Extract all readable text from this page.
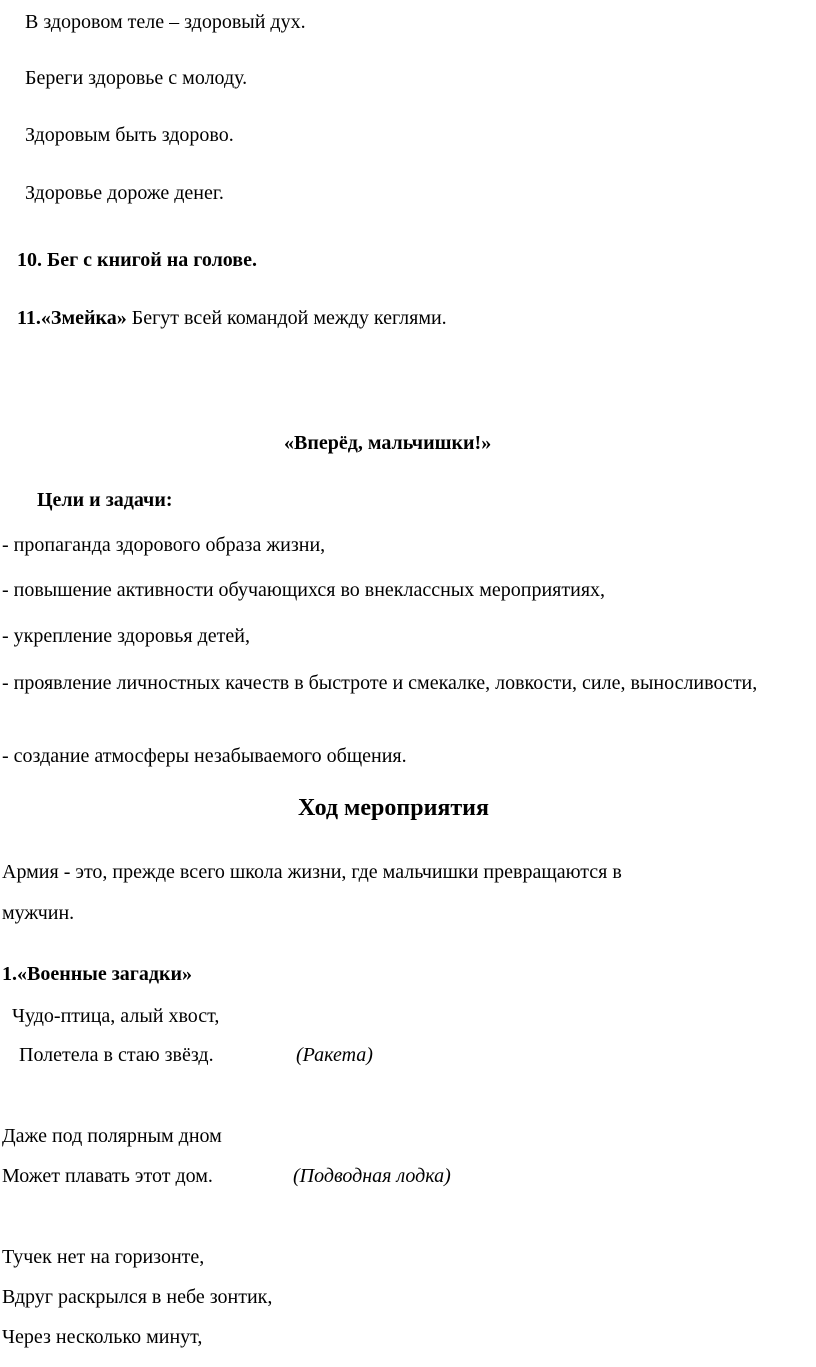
В здоровом теле – здоровый дух.
Береги здоровье с молоду.
Здоровым быть здорово.
Здоровье дороже денег.
10. Бег с книгой на голове.
11.«Змейка» Бегут всей командой между кеглями.
«Вперёд, мальчишки!»
Цели и задачи:
- пропаганда здорового образа жизни,
- повышение активности обучающихся во внеклассных мероприятиях,
- укрепление здоровья детей,
- проявление личностных качеств в быстроте и смекалке, ловкости, силе, выносливости,
- создание атмосферы незабываемого общения.
Ход мероприятия
Армия - это, прежде всего школа жизни, где мальчишки превращаются в
мужчин.
1.«Военные загадки»
Чудо-птица, алый хвост,
Полетела в стаю звёзд.	(Ракета)
Даже под полярным дном
Может плавать этот дом.	(Подводная лодка)
Тучек нет на горизонте,
Вдруг раскрылся в небе зонтик,
Через несколько минут,
